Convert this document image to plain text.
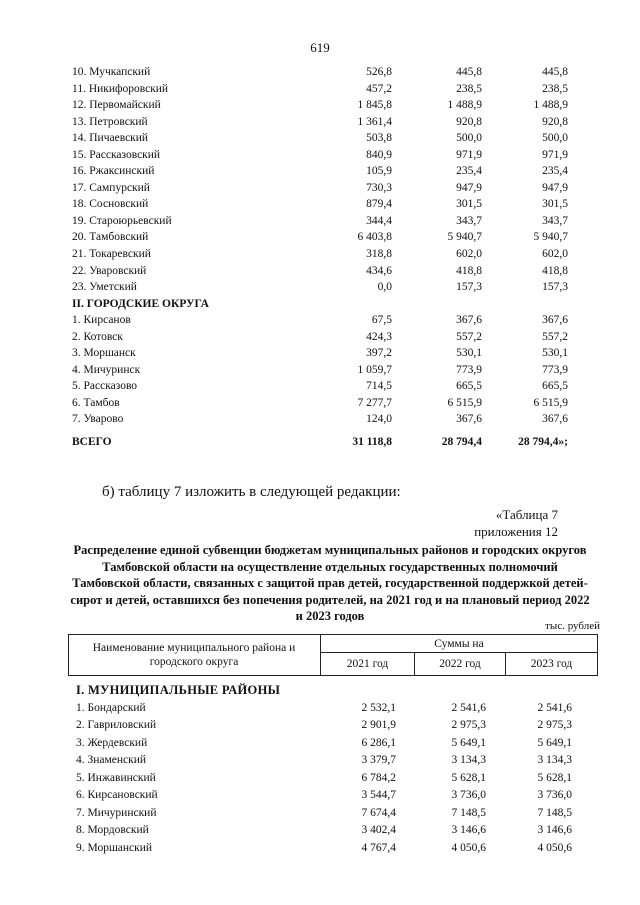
619
10. Мучкапский	526,8	445,8	445,8
11. Никифоровский	457,2	238,5	238,5
12. Первомайский	1 845,8	1 488,9	1 488,9
13. Петровский	1 361,4	920,8	920,8
14. Пичаевский	503,8	500,0	500,0
15. Рассказовский	840,9	971,9	971,9
16. Ржаксинский	105,9	235,4	235,4
17. Сампурский	730,3	947,9	947,9
18. Сосновский	879,4	301,5	301,5
19. Староюрьевский	344,4	343,7	343,7
20. Тамбовский	6 403,8	5 940,7	5 940,7
21. Токаревский	318,8	602,0	602,0
22. Уваровский	434,6	418,8	418,8
23. Уметский	0,0	157,3	157,3
II. ГОРОДСКИЕ ОКРУГА
1. Кирсанов	67,5	367,6	367,6
2. Котовск	424,3	557,2	557,2
3. Моршанск	397,2	530,1	530,1
4. Мичуринск	1 059,7	773,9	773,9
5. Рассказово	714,5	665,5	665,5
6. Тамбов	7 277,7	6 515,9	6 515,9
7. Уварово	124,0	367,6	367,6
ВСЕГО	31 118,8	28 794,4	28 794,4»;
б) таблицу 7 изложить в следующей редакции:
«Таблица 7
приложения 12
Распределение единой субвенции бюджетам муниципальных районов и городских округов Тамбовской области на осуществление отдельных государственных полномочий Тамбовской области, связанных с защитой прав детей, государственной поддержкой детей-сирот и детей, оставшихся без попечения родителей, на 2021 год и на плановый период 2022 и 2023 годов
тыс. рублей
Наименование муниципального района и городского округа
Суммы на
2021 год	2022 год	2023 год
I. МУНИЦИПАЛЬНЫЕ РАЙОНЫ
1. Бондарский	2 532,1	2 541,6	2 541,6
2. Гавриловский	2 901,9	2 975,3	2 975,3
3. Жердевский	6 286,1	5 649,1	5 649,1
4. Знаменский	3 379,7	3 134,3	3 134,3
5. Инжавинский	6 784,2	5 628,1	5 628,1
6. Кирсановский	3 544,7	3 736,0	3 736,0
7. Мичуринский	7 674,4	7 148,5	7 148,5
8. Мордовский	3 402,4	3 146,6	3 146,6
9. Моршанский	4 767,4	4 050,6	4 050,6
